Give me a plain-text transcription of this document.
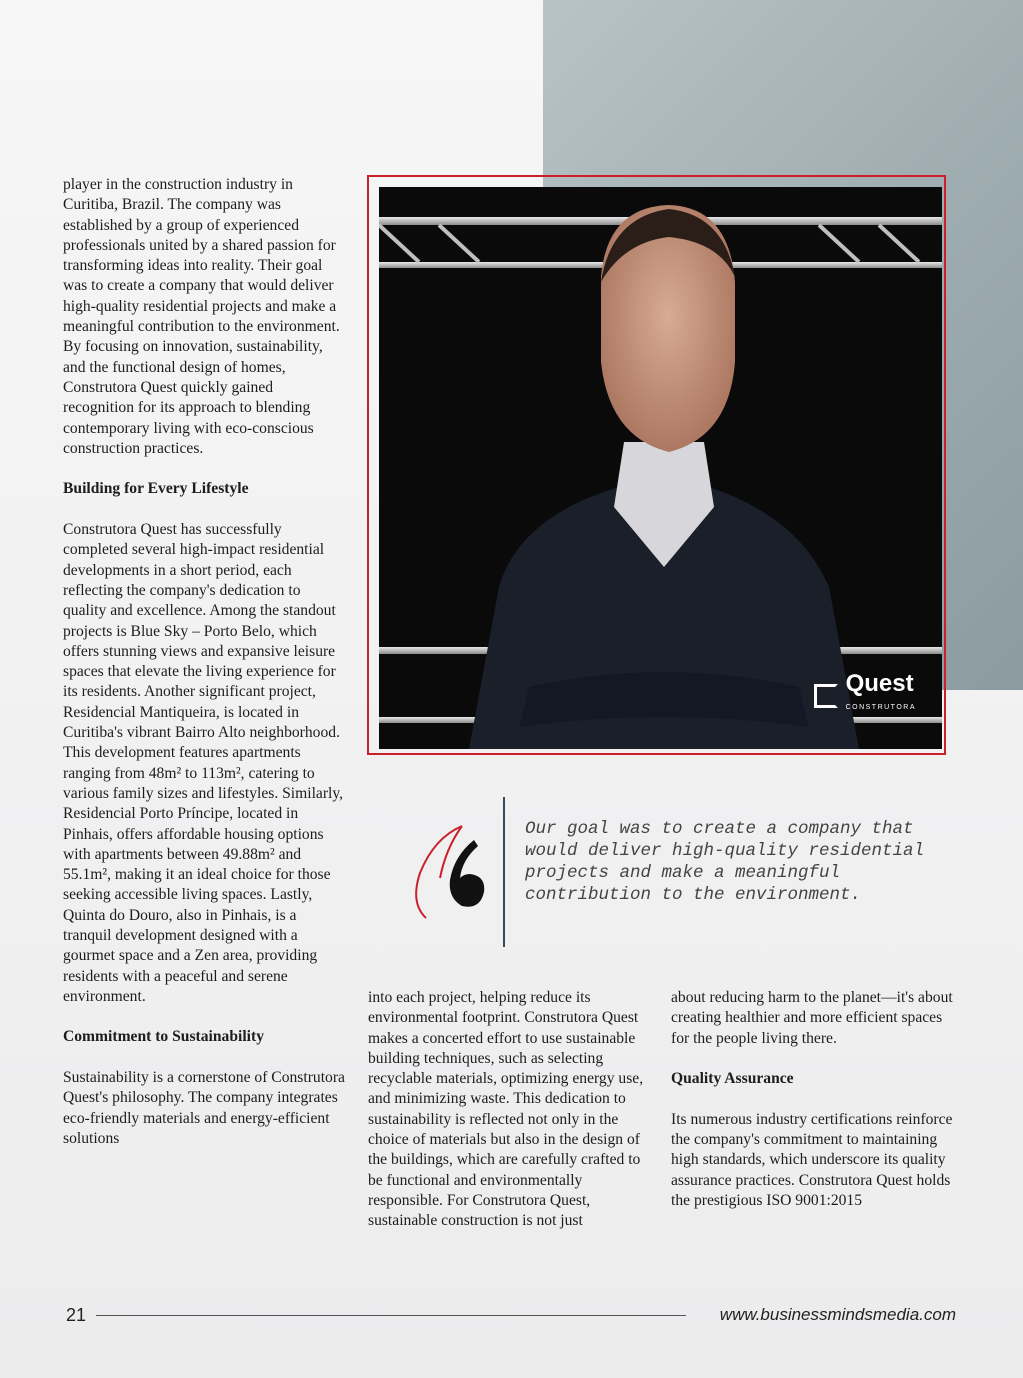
player in the construction industry in Curitiba, Brazil. The company was established by a group of experienced professionals united by a shared passion for transforming ideas into reality. Their goal was to create a company that would deliver high-quality residential projects and make a meaningful contribution to the environment. By focusing on innovation, sustainability, and the functional design of homes, Construtora Quest quickly gained recognition for its approach to blending contemporary living with eco-conscious construction practices.

Building for Every Lifestyle

Construtora Quest has successfully completed several high-impact residential developments in a short period, each reflecting the company's dedication to quality and excellence. Among the standout projects is Blue Sky – Porto Belo, which offers stunning views and expansive leisure spaces that elevate the living experience for its residents. Another significant project, Residencial Mantiqueira, is located in Curitiba's vibrant Bairro Alto neighborhood. This development features apartments ranging from 48m² to 113m², catering to various family sizes and lifestyles. Similarly, Residencial Porto Príncipe, located in Pinhais, offers affordable housing options with apartments between 49.88m² and 55.1m², making it an ideal choice for those seeking accessible living spaces. Lastly, Quinta do Douro, also in Pinhais, is a tranquil development designed with a gourmet space and a Zen area, providing residents with a peaceful and serene environment.

Commitment to Sustainability

Sustainability is a cornerstone of Construtora Quest's philosophy. The company integrates eco-friendly materials and energy-efficient solutions

Quest
CONSTRUTORA
Our goal was to create a company that would deliver high-quality residential projects and make a meaningful contribution to the environment.

into each project, helping reduce its environmental footprint. Construtora Quest makes a concerted effort to use sustainable building techniques, such as selecting recyclable materials, optimizing energy use, and minimizing waste. This dedication to sustainability is reflected not only in the choice of materials but also in the design of the buildings, which are carefully crafted to be functional and environmentally responsible. For Construtora Quest, sustainable construction is not just

about reducing harm to the planet—it's about creating healthier and more efficient spaces for the people living there.

Quality Assurance

Its numerous industry certifications reinforce the company's commitment to maintaining high standards, which underscore its quality assurance practices. Construtora Quest holds the prestigious ISO 9001:2015

21	www.businessmindsmedia.com
